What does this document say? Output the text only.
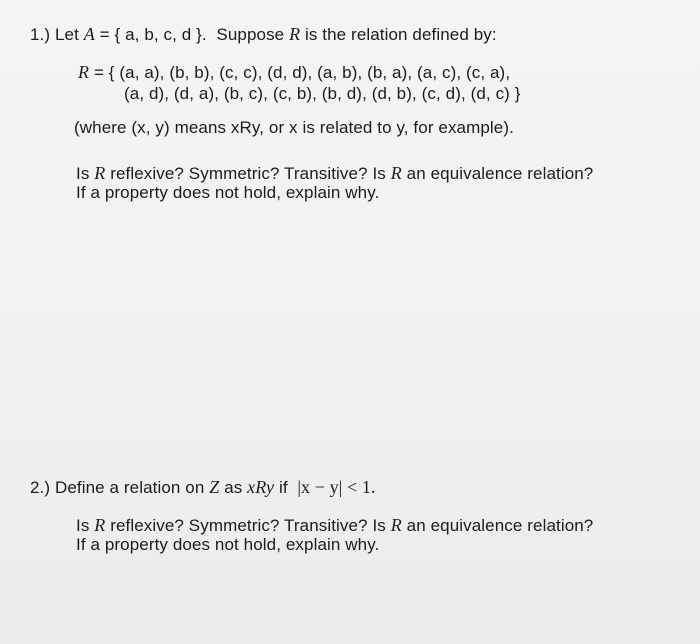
1.) Let A = { a, b, c, d }. Suppose R is the relation defined by:
R = { (a, a), (b, b), (c, c), (d, d), (a, b), (b, a), (a, c), (c, a),
(a, d), (d, a), (b, c), (c, b), (b, d), (d, b), (c, d), (d, c) }
(where (x, y) means xRy, or x is related to y, for example).
Is R reflexive? Symmetric? Transitive? Is R an equivalence relation?
If a property does not hold, explain why.
2.) Define a relation on Z as xRy if |x − y| < 1.
Is R reflexive? Symmetric? Transitive? Is R an equivalence relation?
If a property does not hold, explain why.
